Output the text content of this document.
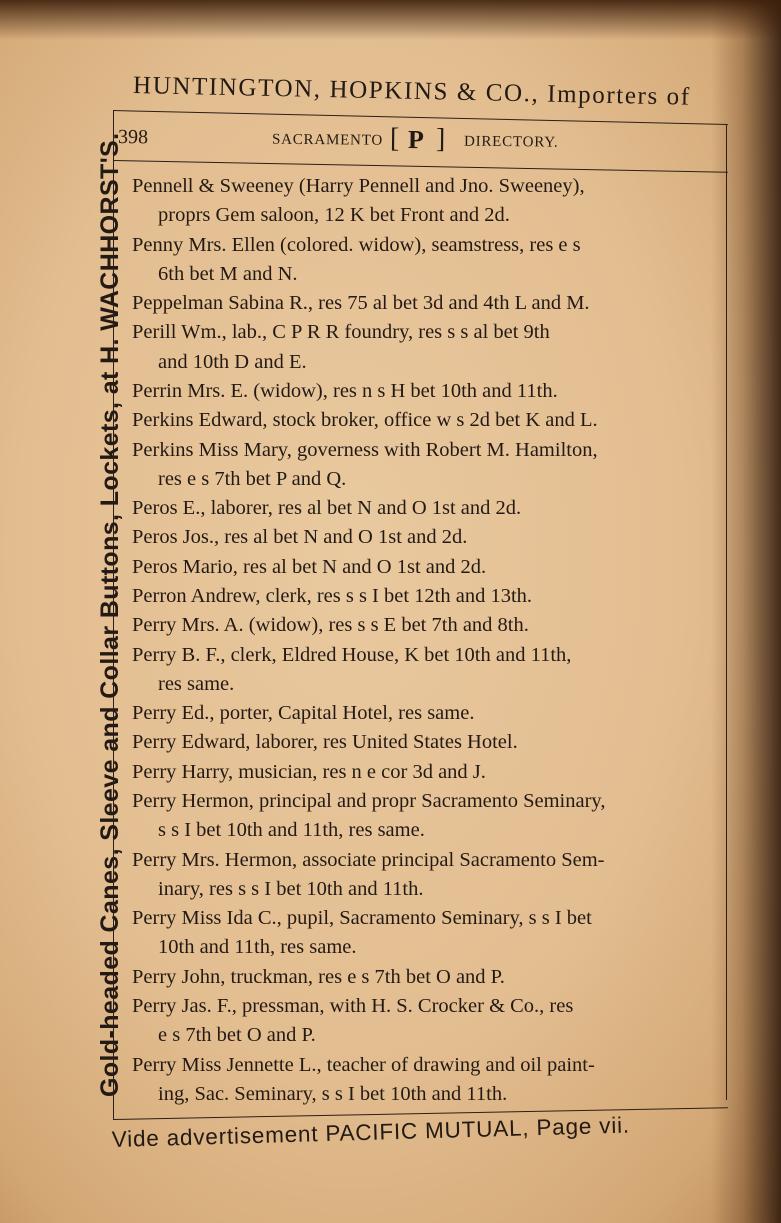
HUNTINGTON, HOPKINS & CO., Importers of
Gold-headed Canes, Sleeve and Collar Buttons, Lockets, at H. WACHHORST'S.
398	SACRAMENTO [ P ] DIRECTORY.
Pennell & Sweeney (Harry Pennell and Jno. Sweeney),
proprs Gem saloon, 12 K bet Front and 2d.
Penny Mrs. Ellen (colored. widow), seamstress, res e s
6th bet M and N.
Peppelman Sabina R., res 75 al bet 3d and 4th L and M.
Perill Wm., lab., C P R R foundry, res s s al bet 9th
and 10th D and E.
Perrin Mrs. E. (widow), res n s H bet 10th and 11th.
Perkins Edward, stock broker, office w s 2d bet K and L.
Perkins Miss Mary, governess with Robert M. Hamilton,
res e s 7th bet P and Q.
Peros E., laborer, res al bet N and O 1st and 2d.
Peros Jos., res al bet N and O 1st and 2d.
Peros Mario, res al bet N and O 1st and 2d.
Perron Andrew, clerk, res s s I bet 12th and 13th.
Perry Mrs. A. (widow), res s s E bet 7th and 8th.
Perry B. F., clerk, Eldred House, K bet 10th and 11th,
res same.
Perry Ed., porter, Capital Hotel, res same.
Perry Edward, laborer, res United States Hotel.
Perry Harry, musician, res n e cor 3d and J.
Perry Hermon, principal and propr Sacramento Seminary,
s s I bet 10th and 11th, res same.
Perry Mrs. Hermon, associate principal Sacramento Sem-
inary, res s s I bet 10th and 11th.
Perry Miss Ida C., pupil, Sacramento Seminary, s s I bet
10th and 11th, res same.
Perry John, truckman, res e s 7th bet O and P.
Perry Jas. F., pressman, with H. S. Crocker & Co., res
e s 7th bet O and P.
Perry Miss Jennette L., teacher of drawing and oil paint-
ing, Sac. Seminary, s s I bet 10th and 11th.
Vide advertisement PACIFIC MUTUAL, Page vii.
